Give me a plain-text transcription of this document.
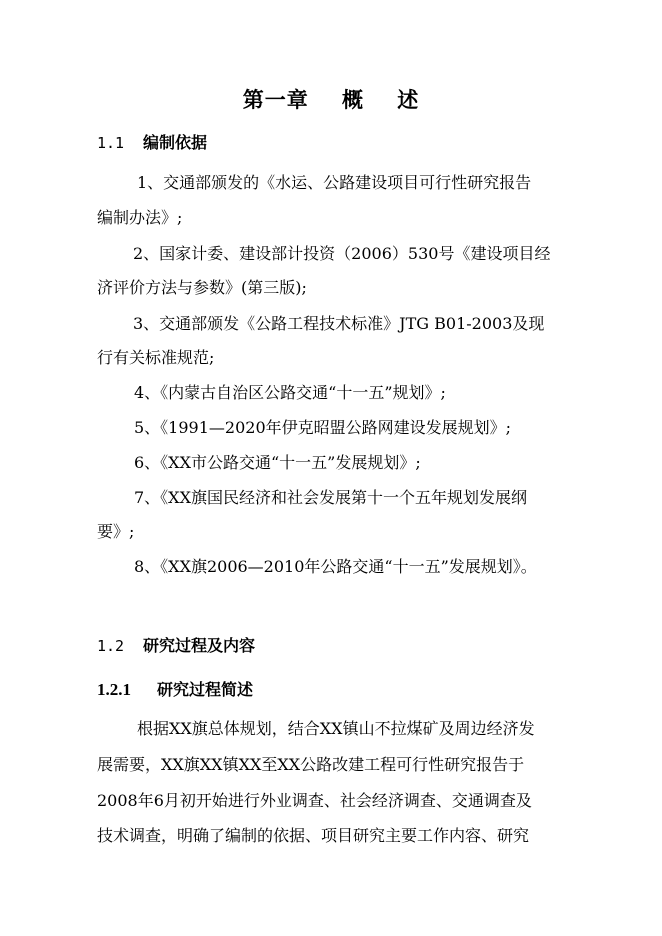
第一章    概    述
1.1 编制依据
1、交通部颁发的《水运、公路建设项目可行性研究报告
编制办法》;
2、国家计委、建设部计投资（2006）530号《建设项目经
济评价方法与参数》(第三版);
3、交通部颁发《公路工程技术标准》JTG B01-2003及现
行有关标准规范;
4、《内蒙古自治区公路交通“十一五”规划》;
5、《1991—2020年伊克昭盟公路网建设发展规划》;
6、《XX市公路交通“十一五”发展规划》;
7、《XX旗国民经济和社会发展第十一个五年规划发展纲
要》;
8、《XX旗2006—2010年公路交通“十一五”发展规划》。
1.2 研究过程及内容
1.2.1 研究过程简述
根据XX旗总体规划，结合XX镇山不拉煤矿及周边经济发
展需要，XX旗XX镇XX至XX公路改建工程可行性研究报告于
2008年6月初开始进行外业调查、社会经济调查、交通调查及
技术调查，明确了编制的依据、项目研究主要工作内容、研究
